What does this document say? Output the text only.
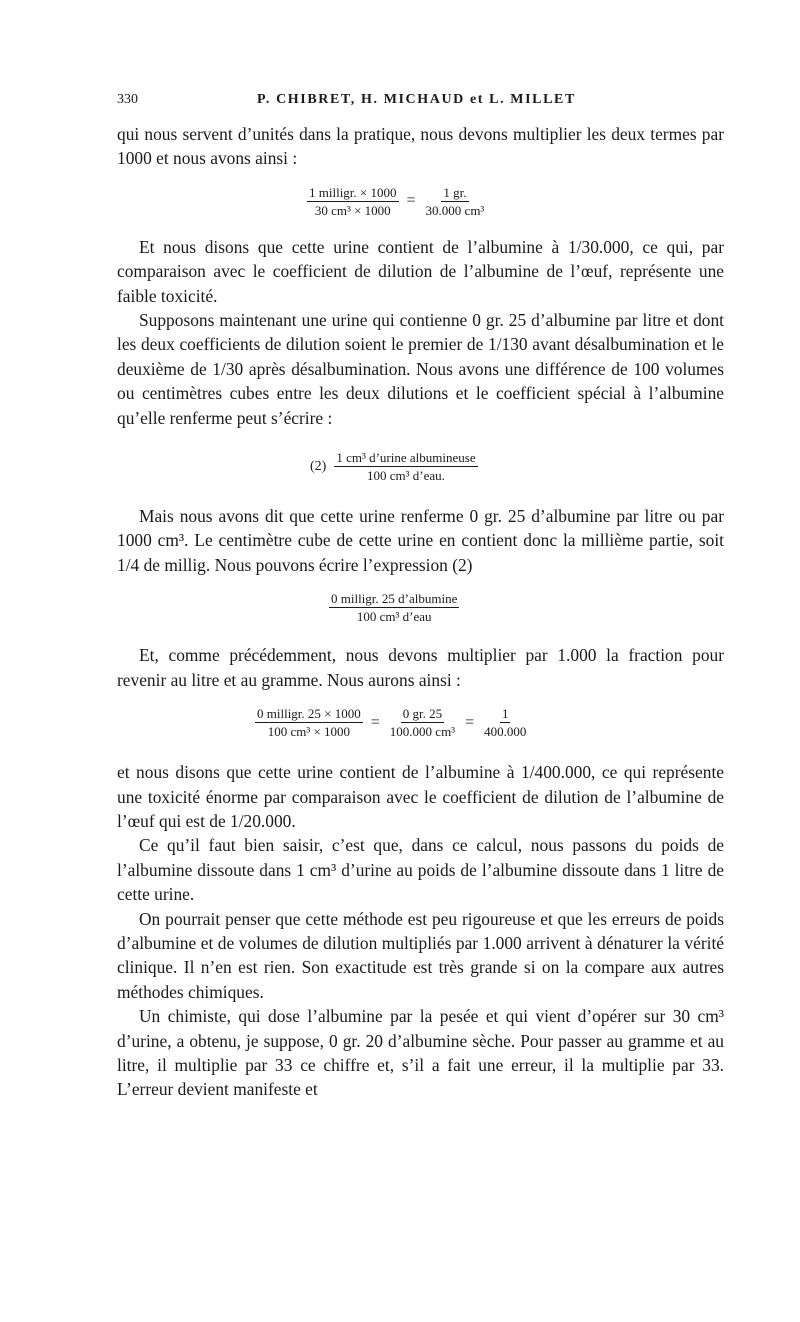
330	P. CHIBRET, H. MICHAUD et L. MILLET

qui nous servent d’unités dans la pratique, nous devons multiplier les deux termes par 1000 et nous avons ainsi :

$\frac{\text{1 milligr. × 1000}}{\text{30 cm³ × 1000}} = \frac{1 gr.}{\text{30.000 cm³}}$

Et nous disons que cette urine contient de l’albumine à 1/30.000, ce qui, par comparaison avec le coefficient de dilution de l’albumine de l’œuf, représente une faible toxicité.

Supposons maintenant une urine qui contienne 0 gr. 25 d’albumine par litre et dont les deux coefficients de dilution soient le premier de 1/130 avant désalbumination et le deuxième de 1/30 après désalbumination. Nous avons une différence de 100 volumes ou centimètres cubes entre les deux dilutions et le coefficient spécial à l’albumine qu’elle renferme peut s’écrire :

$(2) \frac{\text{1 cm³ d’urine albumineuse}}{\text{100 cm³ d’eau.}}$

Mais nous avons dit que cette urine renferme 0 gr. 25 d’albumine par litre ou par 1000 cm³. Le centimètre cube de cette urine en contient donc la millième partie, soit 1/4 de millig. Nous pouvons écrire l’expression (2)

$\frac{\text{0 milligr. 25 d’albumine}}{\text{100 cm³ d’eau}}$

Et, comme précédemment, nous devons multiplier par 1.000 la fraction pour revenir au litre et au gramme. Nous aurons ainsi :

$\frac{\text{0 milligr. 25 × 1000}}{\text{100 cm³ × 1000}} = \frac{0 gr. 25}{\text{100.000 cm³}} = \frac{1}{400.000}$

et nous disons que cette urine contient de l’albumine à 1/400.000, ce qui représente une toxicité énorme par comparaison avec le coefficient de dilution de l’albumine de l’œuf qui est de 1/20.000.

Ce qu’il faut bien saisir, c’est que, dans ce calcul, nous passons du poids de l’albumine dissoute dans 1 cm³ d’urine au poids de l’albumine dissoute dans 1 litre de cette urine.

On pourrait penser que cette méthode est peu rigoureuse et que les erreurs de poids d’albumine et de volumes de dilution multipliés par 1.000 arrivent à dénaturer la vérité clinique. Il n’en est rien. Son exactitude est très grande si on la compare aux autres méthodes chimiques.

Un chimiste, qui dose l’albumine par la pesée et qui vient d’opérer sur 30 cm³ d’urine, a obtenu, je suppose, 0 gr. 20 d’albumine sèche. Pour passer au gramme et au litre, il multiplie par 33 ce chiffre et, s’il a fait une erreur, il la multiplie par 33. L’erreur devient manifeste et
